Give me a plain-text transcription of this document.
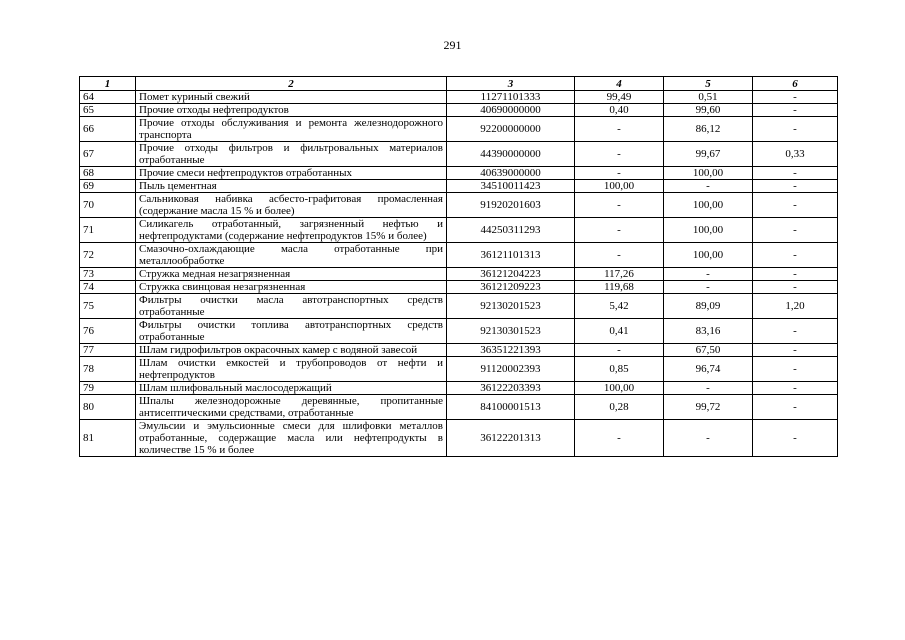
291
1	2	3	4	5	6
64	Помет куриный свежий	11271101333	99,49	0,51	-
65	Прочие отходы нефтепродуктов	40690000000	0,40	99,60	-
66	Прочие отходы обслуживания и ремонта железнодорожного транспорта	92200000000	-	86,12	-
67	Прочие отходы фильтров и фильтровальных материалов отработанные	44390000000	-	99,67	0,33
68	Прочие смеси нефтепродуктов отработанных	40639000000	-	100,00	-
69	Пыль цементная	34510011423	100,00	-	-
70	Сальниковая набивка асбесто-графитовая промасленная (содержание масла 15 % и более)	91920201603	-	100,00	-
71	Силикагель отработанный, загрязненный нефтью и нефтепродуктами (содержание нефтепродуктов 15% и более)	44250311293	-	100,00	-
72	Смазочно-охлаждающие масла отработанные при металлообработке	36121101313	-	100,00	-
73	Стружка медная незагрязненная	36121204223	117,26	-	-
74	Стружка свинцовая незагрязненная	36121209223	119,68	-	-
75	Фильтры очистки масла автотранспортных средств отработанные	92130201523	5,42	89,09	1,20
76	Фильтры очистки топлива автотранспортных средств отработанные	92130301523	0,41	83,16	-
77	Шлам гидрофильтров окрасочных камер с водяной завесой	36351221393	-	67,50	-
78	Шлам очистки емкостей и трубопроводов от нефти и нефтепродуктов	91120002393	0,85	96,74	-
79	Шлам шлифовальный маслосодержащий	36122203393	100,00	-	-
80	Шпалы железнодорожные деревянные, пропитанные антисептическими средствами, отработанные	84100001513	0,28	99,72	-
81	Эмульсии и эмульсионные смеси для шлифовки металлов отработанные, содержащие масла или нефтепродукты в количестве 15 % и более	36122201313	-	-	-
